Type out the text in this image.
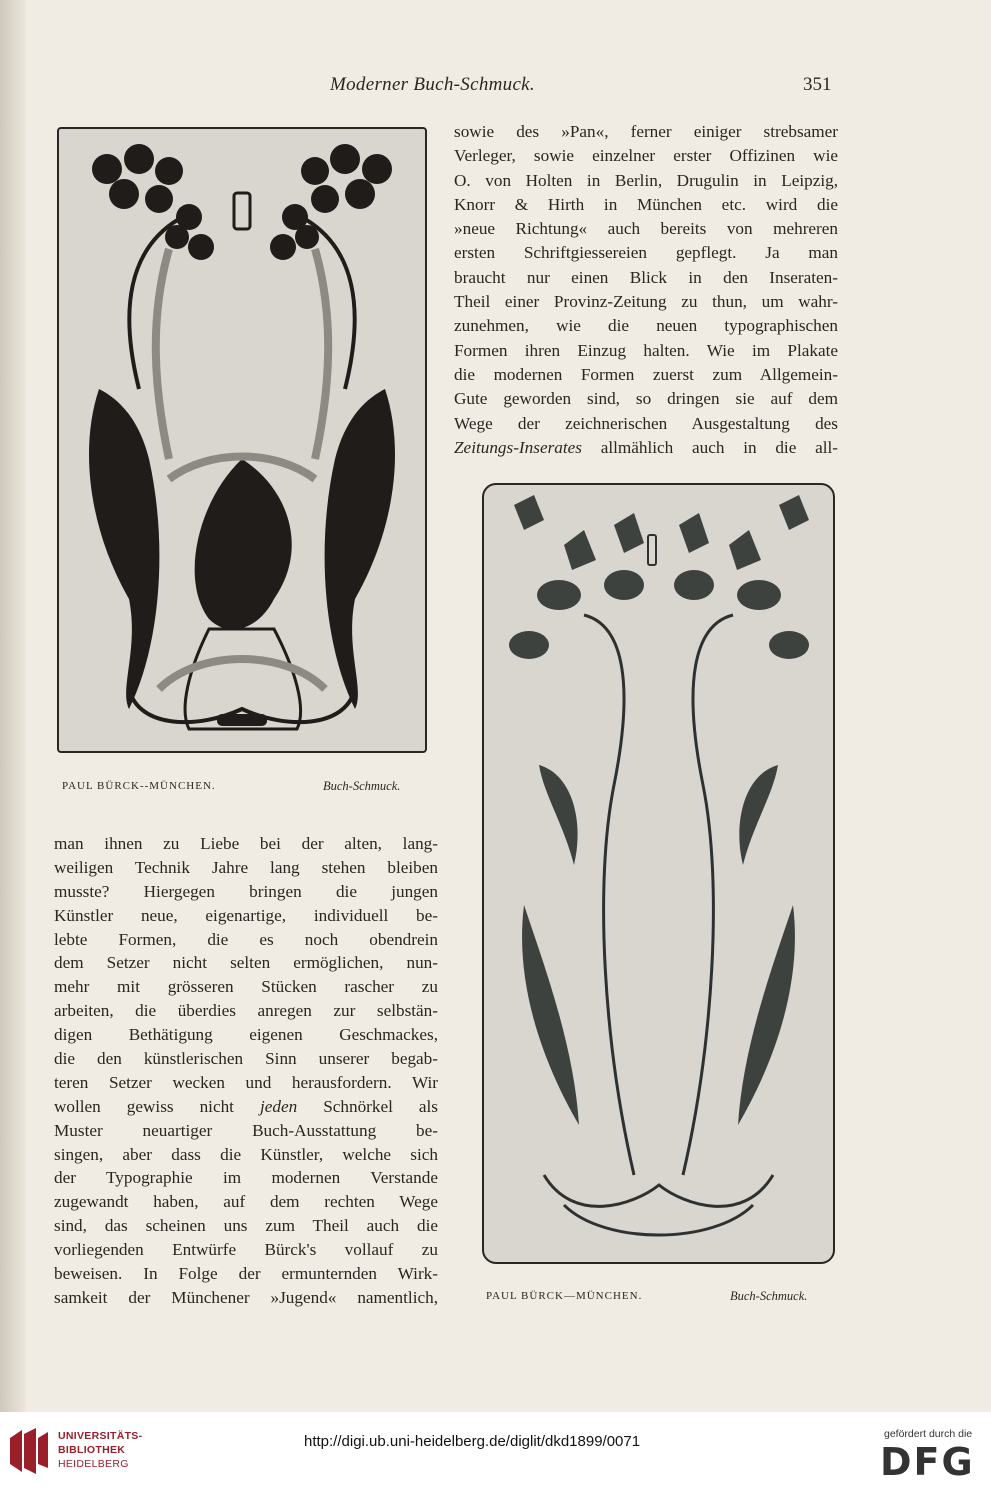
Moderner Buch-Schmuck.	351
sowie des »Pan«, ferner einiger strebsamer
Verleger, sowie einzelner erster Offizinen wie
O. von Holten in Berlin, Drugulin in Leipzig,
Knorr & Hirth in München etc. wird die
»neue Richtung« auch bereits von mehreren
ersten Schriftgiessereien gepflegt. Ja man
braucht nur einen Blick in den Inseraten-
Theil einer Provinz-Zeitung zu thun, um wahr-
zunehmen, wie die neuen typographischen
Formen ihren Einzug halten. Wie im Plakate
die modernen Formen zuerst zum Allgemein-
Gute geworden sind, so dringen sie auf dem
Wege der zeichnerischen Ausgestaltung des
Zeitungs-Inserates allmählich auch in die all-
PAUL BÜRCK--MÜNCHEN.	Buch-Schmuck.
PAUL BÜRCK—MÜNCHEN.	Buch-Schmuck.
man ihnen zu Liebe bei der alten, lang-
weiligen Technik Jahre lang stehen bleiben
musste? Hiergegen bringen die jungen
Künstler neue, eigenartige, individuell be-
lebte Formen, die es noch obendrein
dem Setzer nicht selten ermöglichen, nun-
mehr mit grösseren Stücken rascher zu
arbeiten, die überdies anregen zur selbstän-
digen Bethätigung eigenen Geschmackes,
die den künstlerischen Sinn unserer begab-
teren Setzer wecken und herausfordern. Wir
wollen gewiss nicht jeden Schnörkel als
Muster neuartiger Buch-Ausstattung be-
singen, aber dass die Künstler, welche sich
der Typographie im modernen Verstande
zugewandt haben, auf dem rechten Wege
sind, das scheinen uns zum Theil auch die
vorliegenden Entwürfe Bürck's vollauf zu
beweisen. In Folge der ermunternden Wirk-
samkeit der Münchener »Jugend« namentlich,
UNIVERSITÄTS-
BIBLIOTHEK
HEIDELBERG
http://digi.ub.uni-heidelberg.de/diglit/dkd1899/0071	gefördert durch die
DFG
